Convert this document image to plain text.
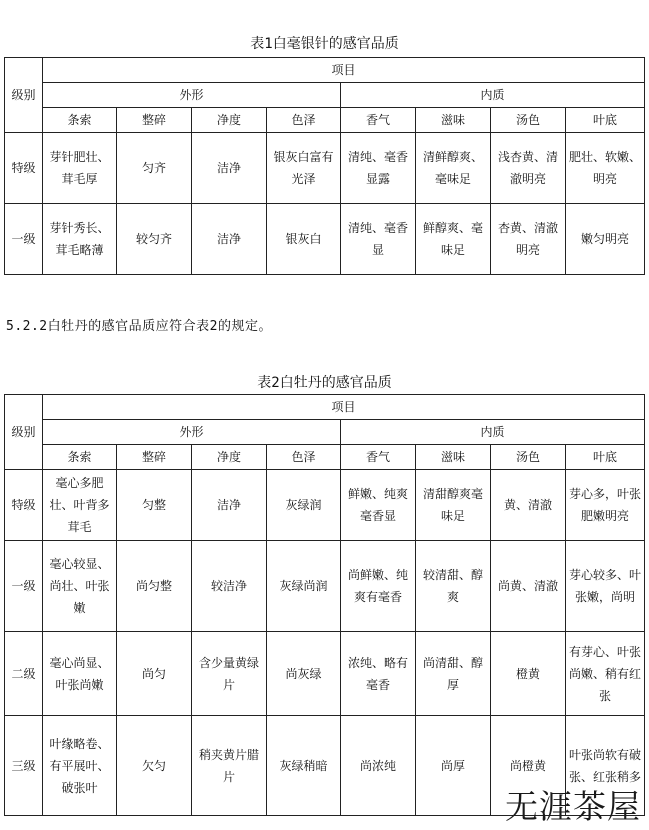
表1白毫银针的感官品质
级别	项目							
	外形				内质			
	条索	整碎	净度	色泽	香气	滋味	汤色	叶底
特级	芽针肥壮、茸毛厚	匀齐	洁净	银灰白富有光泽	清纯、毫香显露	清鲜醇爽、毫味足	浅杏黄、清澈明亮	肥壮、软嫩、明亮
一级	芽针秀长、茸毛略薄	较匀齐	洁净	银灰白	清纯、毫香显	鲜醇爽、毫味足	杏黄、清澈明亮	嫩匀明亮
5.2.2白牡丹的感官品质应符合表2的规定。
表2白牡丹的感官品质
级别	项目							
	外形				内质			
	条索	整碎	净度	色泽	香气	滋味	汤色	叶底
特级	毫心多肥壮、叶背多茸毛	匀整	洁净	灰绿润	鲜嫩、纯爽毫香显	清甜醇爽毫味足	黄、清澈	芽心多，叶张肥嫩明亮
一级	毫心较显、尚壮、叶张嫩	尚匀整	较洁净	灰绿尚润	尚鲜嫩、纯爽有毫香	较清甜、醇爽	尚黄、清澈	芽心较多、叶张嫩，尚明
二级	毫心尚显、叶张尚嫩	尚匀	含少量黄绿片	尚灰绿	浓纯、略有毫香	尚清甜、醇厚	橙黄	有芽心、叶张尚嫩、稍有红张
三级	叶缘略卷、有平展叶、破张叶	欠匀	稍夹黄片腊片	灰绿稍暗	尚浓纯	尚厚	尚橙黄	叶张尚软有破张、红张稍多
无涯茶屋
